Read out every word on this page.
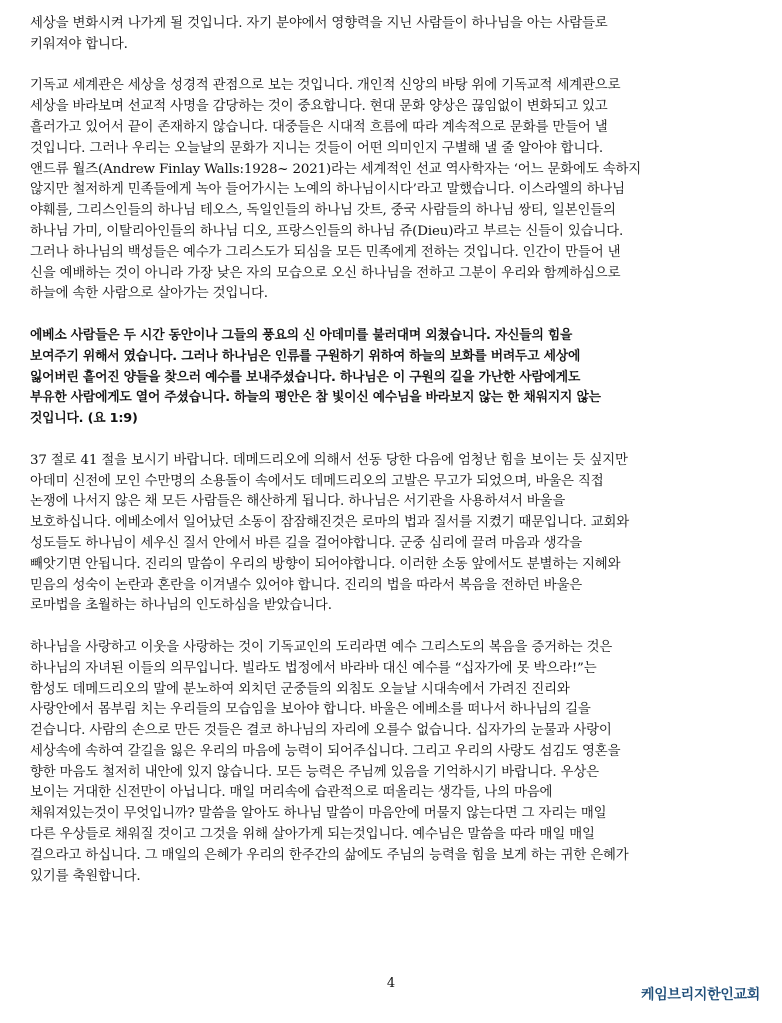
세상을 변화시켜 나가게 될 것입니다. 자기 분야에서 영향력을 지닌 사람들이 하나님을 아는 사람들로
키워져야 합니다.
기독교 세계관은 세상을 성경적 관점으로 보는 것입니다. 개인적 신앙의 바탕 위에 기독교적 세계관으로
세상을 바라보며 선교적 사명을 감당하는 것이 중요합니다. 현대 문화 양상은 끊임없이 변화되고 있고
흘러가고 있어서 끝이 존재하지 않습니다. 대중들은 시대적 흐름에 따라 계속적으로 문화를 만들어 낼
것입니다. 그러나 우리는 오늘날의 문화가 지니는 것들이 어떤 의미인지 구별해 낼 줄 알아야 합니다.
앤드류 월즈(Andrew Finlay Walls:1928~ 2021)라는 세계적인 선교 역사학자는 ‘어느 문화에도 속하지
않지만 철저하게 민족들에게 녹아 들어가시는 노예의 하나님이시다’라고 말했습니다. 이스라엘의 하나님
야훼를, 그리스인들의 하나님 테오스, 독일인들의 하나님 갓트, 중국 사람들의 하나님 쌍티, 일본인들의
하나님 가미, 이탈리아인들의 하나님 디오, 프랑스인들의 하나님 쥬(Dieu)라고 부르는 신들이 있습니다.
그러나 하나님의 백성들은 예수가 그리스도가 되심을 모든 민족에게 전하는 것입니다. 인간이 만들어 낸
신을 예배하는 것이 아니라 가장 낮은 자의 모습으로 오신 하나님을 전하고 그분이 우리와 함께하심으로
하늘에 속한 사람으로 살아가는 것입니다.
에베소 사람들은 두 시간 동안이나 그들의 풍요의 신 아데미를 불러대며 외쳤습니다. 자신들의 힘을
보여주기 위해서 였습니다. 그러나 하나님은 인류를 구원하기 위하여 하늘의 보화를 버려두고 세상에
잃어버린 흩어진 양들을 찾으러 예수를 보내주셨습니다. 하나님은 이 구원의 길을 가난한 사람에게도
부유한 사람에게도 열어 주셨습니다. 하늘의 평안은 참 빛이신 예수님을 바라보지 않는 한 채워지지 않는
것입니다. (요 1:9)
37 절로 41 절을 보시기 바랍니다. 데메드리오에 의해서 선동 당한 다음에 엄청난 힘을 보이는 듯 싶지만
아데미 신전에 모인 수만명의 소용돌이 속에서도 데메드리오의 고발은 무고가 되었으며, 바울은 직접
논쟁에 나서지 않은 채 모든 사람들은 해산하게 됩니다. 하나님은 서기관을 사용하셔서 바울을
보호하십니다. 에베소에서 일어났던 소동이 잠잠해진것은 로마의 법과 질서를 지켰기 때문입니다. 교회와
성도들도 하나님이 세우신 질서 안에서 바른 길을 걸어야합니다. 군중 심리에 끌려 마음과 생각을
빼앗기면 안됩니다. 진리의 말씀이 우리의 방향이 되어야합니다. 이러한 소동 앞에서도 분별하는 지혜와
믿음의 성숙이 논란과 혼란을 이겨낼수 있어야 합니다. 진리의 법을 따라서 복음을 전하던 바울은
로마법을 초월하는 하나님의 인도하심을 받았습니다.
하나님을 사랑하고 이웃을 사랑하는 것이 기독교인의 도리라면 예수 그리스도의 복음을 증거하는 것은
하나님의 자녀된 이들의 의무입니다. 빌라도 법정에서 바라바 대신 예수를 “십자가에 못 박으라!”는
함성도 데메드리오의 말에 분노하여 외치던 군중들의 외침도 오늘날 시대속에서 가려진 진리와
사랑안에서 몸부림 치는 우리들의 모습임을 보아야 합니다. 바울은 에베소를 떠나서 하나님의 길을
걷습니다. 사람의 손으로 만든 것들은 결코 하나님의 자리에 오를수 없습니다. 십자가의 눈물과 사랑이
세상속에 속하여 갈길을 잃은 우리의 마음에 능력이 되어주십니다. 그리고 우리의 사랑도 섬김도 영혼을
향한 마음도 철저히 내안에 있지 않습니다. 모든 능력은 주님께 있음을 기억하시기 바랍니다. 우상은
보이는 거대한 신전만이 아닙니다. 매일 머리속에 습관적으로 떠올리는 생각들, 나의 마음에
채워져있는것이 무엇입니까? 말씀을 알아도 하나님 말씀이 마음안에 머물지 않는다면 그 자리는 매일
다른 우상들로 채워질 것이고 그것을 위해 살아가게 되는것입니다. 예수님은 말씀을 따라 매일 매일
걸으라고 하십니다. 그 매일의 은혜가 우리의 한주간의 삶에도 주님의 능력을 힘을 보게 하는 귀한 은혜가
있기를 축원합니다.
4
케임브리지한인교회
